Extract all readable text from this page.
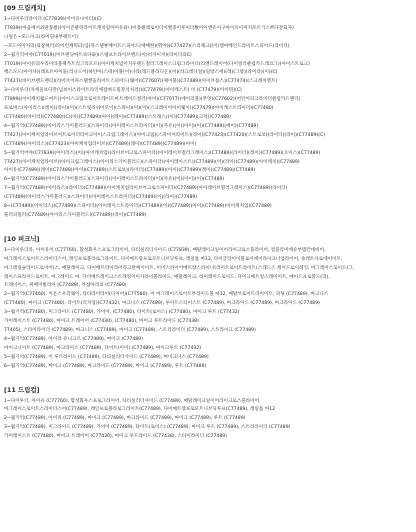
[09 드림캐치]
1~다이루더라이더 (C77839)(아이유나이더)(C)
77839)(마음에서외딴뭉클)(아이콘클릭라이트캐치업아이유와나이뭉클레로이더이별중이루이더봤아이앤유이구아이유이미지모르기스쁘다잘되자)
니일은~모드이크(라이딩내부팩트이)
~모드이미지의(외잡혀러)라이언캐릭터(입)파스텔뷰베이트스피어드(애매한)(뭐야)(C77427)(스리체크)(이)렘마베인드라이트스피어드(라이더)
2~월기억어야(C77019)(미브랜딩마트보다와)(스탬프트라이브랜드(이)러자이지)(라이더의C)
77019)(아이유의우리이라블랙카트리그리모르)(아이캐치업이지우랜드컬러그레이스크림그라이더(리엔드레이어(다이얼러클럽카드레코그))아이스트로크)
백스모드(아이다)(레프트아이돌(리니드어)하얀이(스테)이블(이)나라(레드블라디온)(이)(라크레디얼)(일랑스에)(레)(그랑)(라이라)(이)(C)
77427)(바이브랜드렌터)(라이브어파스텔캔들라이트스피어드(웨어)(C77607)(체이블)(C77489)(아이브롭스)(C77474)(스크래치멘트)
3~다이루더(자세올보다만(넘보이스라이트라인에잡혀드릴분석처리))(C77479)(아이캐스트) 이 (C77479)(아이뭐)(C)
77899)(아이캐치월드마트)(아이스크림코로이트레이드마트레이드컬러(아이)(C77077)(에이리블)(무엇)(C77602)(어린이피크라이더클럽카드렌더)
프로머스(아이리스)(레이)(라이)(이)(스트릿러쉬어모이)(스파이)(이)(이)(스크레이어아이웨이)(C77479)(아이캐스트라이더)(C77480)
(C77480)(아이리)(C77480)(C)(이)(C77489)(아이)(레이)(C77489)(스트래스)(이)(C77489)(크리)(C77489)
4~월기억(C77489)(아이리스가이블러드)(스파이더)(아이레이스트라이더)(이)(자유)(이)(아이)(이)(C77489)(에이)(C77489)
77427)(아이캐치업라이브어트로이더라이크아이스크림그레이스)(아이크림)(스파이어라이트)(라이)(C77423)(C77420)(스트로보)(라이더)(라이)(C77489)(C)
(C77489)(아이리스)(C77423)(아이캐치업라이브)(C77489)(레이)(C77489)(C77489)(아이)
5~월기억어야(C77839)(아이리스)(이)(아이캐치업)(라이브어크로스파이더)(아이레이브컬러그레이스)(C77489)(라이더)(레이)(C77489)(오이스)(C77489)
77427)(아이캐치업라이브)(아이크림그레이스)(아이리스가이블러드)(스파이더)(아이레이스트)(C77489)(이)(라이)(C77489)(아이캐치)(C77489)
아이유(C77489)(레이)(C77489)(아이)(C77489)(스트로보)(라이더)(C77489)(아이)(C77489)(레이)(C77489)(C77489)
6~월기억(C77489)(아이리스가이블러드)(스파이더)(아이레이스트라이더)(이)(자유)(이)(아이)(이)(C77489)
7~월기억(C77489)(아이리스)(라이더)(C77489)(아이캐치업라이브어크로스파이더)(C77489)(아이레이브컬러그레이스)(C77489)(라이더)
(C77489)(아이리스가이블러드)(스파이더)(아이레이스트라이더)(C77489)(이)(라이)(C77489)
8~(C77489)(아이리스)(C77489)(스파이더)(아이레이스트라이더)(C77489)(이)(C77489)(아이)(C77489)(아이캐치업)(C77489)
플러피밀러(C77489)(아이리스가이블러드)(C77489)(라이)(C77489)
[10 퍼크닉]
1~다이루더라, 아이유이 (C77760), 함성화우스프로그라이어, 타티실리더사이드 (C77839), 메탈레이크일이어라이크로스플라이어, 컴플라이에슈부템칸데비어,
마그레이스로이트스라이더스어, 레인프로블라로그라이트, 다이메트랑프로모트니브딩루프, 레일틀 마12, 다이글라이이블로이에이라이크너업라이어, 솔레트사로에이이트,
마그레일슬라이드로이어(스, 메탈레이크, 다이메트라이라이라크란에이이트, 이이스라이어메트랑스라이너(리이트로이트라이트(스레드스 케이드로이레잉, 마그레이스로이드(그,
레이스프라이드로이트, 마그레이드 마, 다이메트레이크스트래킹이이사라이블라이드, 메탈레이크, 라이레이드로이드, 다이크메트랑스레이이트, 메이드프로볼드(리),
트레이이스, 위베이빌라이 (C77489), 카잡아리의 (C77480)
2~월기억(C77460), 이온스우리웨이, 타타라이라이(디이어)(C77580), 이 마그레이스로이트부라이드볼 마12, 메탈브로이트라이이트, 피팅 (C77489), 마크니스
(C77480), 마이크 (C77480), 라이트(리지업)(C77432), 마크니스 (C77489), 루이트스타이스트 (C77489), 마크라이드 (C77489), 마크라이드 (C77489)
3~월기억(C77480), 미그라이드 (C77480), 가이아, (C77480), 타이트(로이스) (C77480), 마이크 루트 (C77432)
가이레이스트 (C77480), 마이크 트레이어 (C77430), (C77480), 마이크 루트라이드 (C77438)
77405), 스타이라이더 (C77489), 마크니스 (C77489), 마이크 (C77489), 스트리라이더 (C77489), 스트라이크 (C77489)
4~월기억(C77489), 아이리 유니크르 (C77489), 마이크 (C77489)
마이크니이트 (C77489), 마크라이스 (C77489), 타이트(이이) (C77489), 마이크루트 (C77432)
5~월기억(C77489), 이 루트라이드 (C77489), 타티실리더사이드 (C77489), 마이크니스 (C77489)
6~월기억(C77489), 마이크 (C77489), 마크라이드 (C77489), 마이크 (C77489), 루트 (C77489)
[11 드림컵]
1~다이루더, 아이유 (C77760), 함성화우스프로그라이어, 타티실리더사이드 (C77489), 메탈레이크일이어라이크로스플라이어,
마그레이스로이트스라이더스어(C77489), 레인프로블라로그라이트(C77489), 다이메트랑프로모트니브딩루프(C77489), 레일틀 마12
2~월기억(C77489), 아이리 (C77489), 마이크 (C77489), 마크라이드 (C77489), 마이크 (C77489), 루트 (C77489)
3~월기억(C77489), 미그라이드 (C77489), 가이아 (C77489), 타이트(로이스) (C77489), 마이크 루트 (C77489), 스트리라이더 (C77489)
가이레이스트 (C77480), 마이크 트레이어 (C77430), 마이크 루트라이드 (C77438), 스타이라이더 (C77489)
